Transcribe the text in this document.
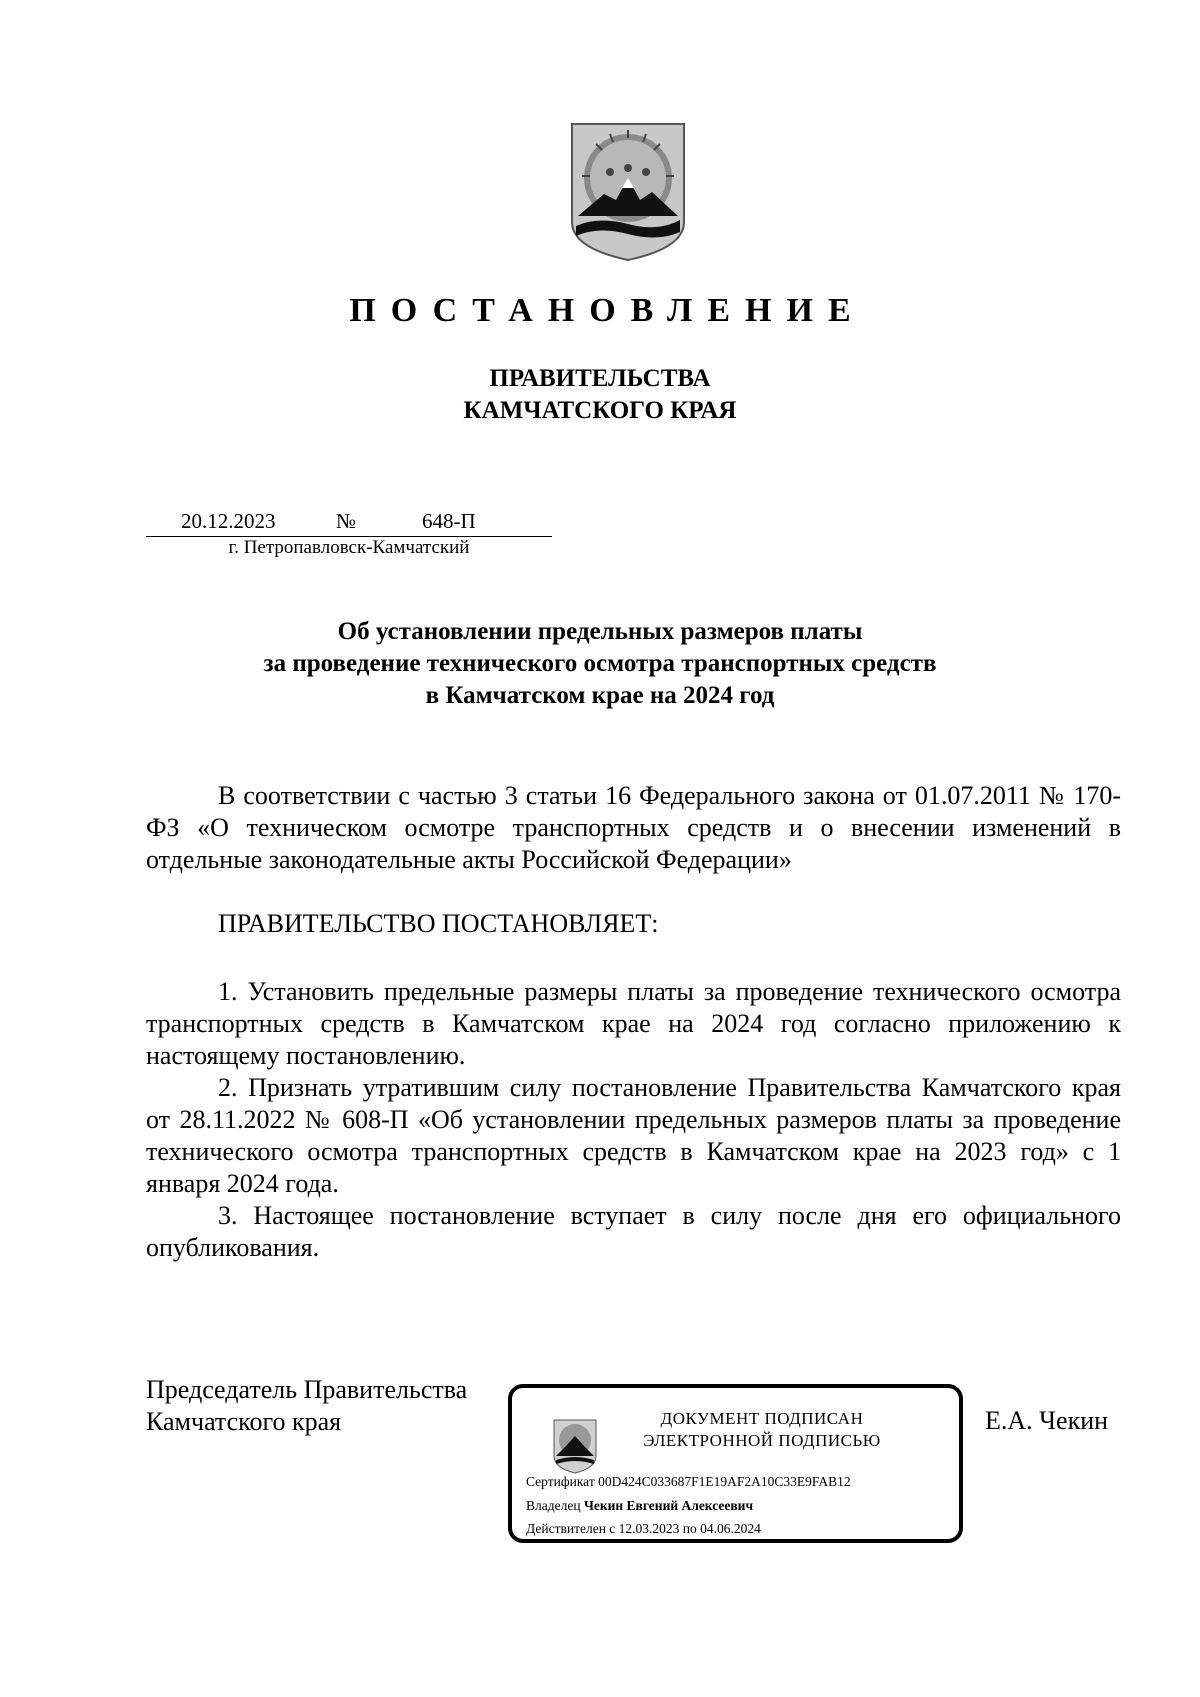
ПОСТАНОВЛЕНИЕ
ПРАВИТЕЛЬСТВА
КАМЧАТСКОГО КРАЯ
20.12.2023	№	648-П
г. Петропавловск-Камчатский
Об установлении предельных размеров платы
за проведение технического осмотра транспортных средств
в Камчатском крае на 2024 год

В соответствии с частью 3 статьи 16 Федерального закона от 01.07.2011 № 170-ФЗ «О техническом осмотре транспортных средств и о внесении изменений в отдельные законодательные акты Российской Федерации»

ПРАВИТЕЛЬСТВО ПОСТАНОВЛЯЕТ:

1. Установить предельные размеры платы за проведение технического осмотра транспортных средств в Камчатском крае на 2024 год согласно приложению к настоящему постановлению.

2. Признать утратившим силу постановление Правительства Камчатского края от 28.11.2022 № 608-П «Об установлении предельных размеров платы за проведение технического осмотра транспортных средств в Камчатском крае на 2023 год» с 1 января 2024 года.

3. Настоящее постановление вступает в силу после дня его официального опубликования.

Председатель Правительства
Камчатского края	ДОКУМЕНТ ПОДПИСАН
ЭЛЕКТРОННОЙ ПОДПИСЬЮ
Сертификат 00D424C033687F1E19AF2A10C33E9FAB12
Владелец Чекин Евгений Алексеевич
Действителен с 12.03.2023 по 04.06.2024
Е.А. Чекин
